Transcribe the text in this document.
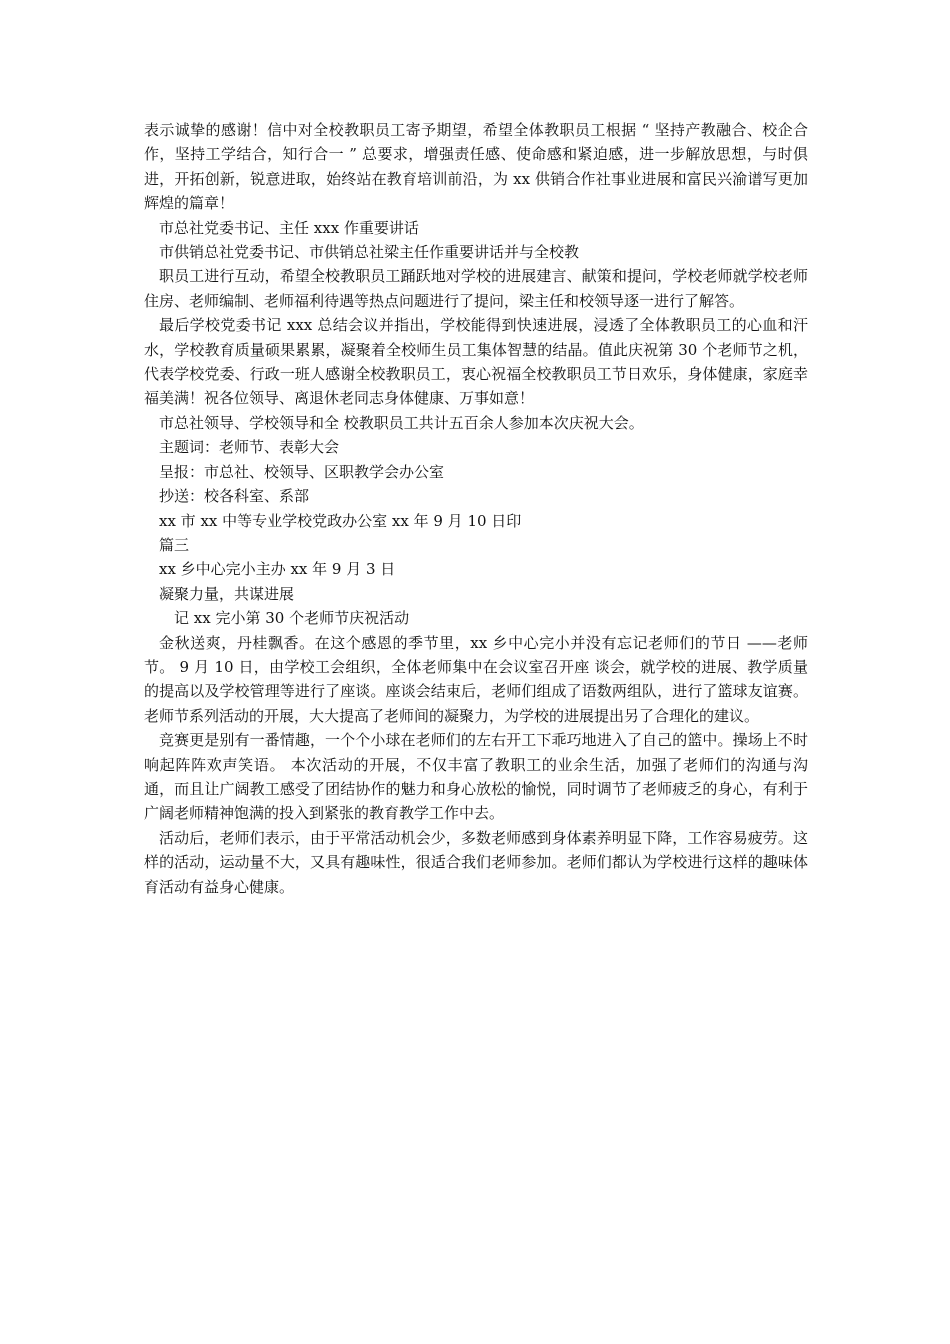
表示诚挚的感谢！信中对全校教职员工寄予期望，希望全体教职员工根据 “ 坚持产教融合、校企合作，坚持工学结合，知行合一 ” 总要求，增强责任感、使命感和紧迫感，进一步解放思想，与时俱进，开拓创新，锐意进取，始终站在教育培训前沿，为 xx 供销合作社事业进展和富民兴渝谱写更加辉煌的篇章！

市总社党委书记、主任 xxx 作重要讲话

市供销总社党委书记、市供销总社梁主任作重要讲话并与全校教

职员工进行互动，希望全校教职员工踊跃地对学校的进展建言、献策和提问，学校老师就学校老师住房、老师编制、老师福利待遇等热点问题进行了提问，梁主任和校领导逐一进行了解答。

最后学校党委书记 xxx 总结会议并指出，学校能得到快速进展，浸透了全体教职员工的心血和汗水，学校教育质量硕果累累，凝聚着全校师生员工集体智慧的结晶。值此庆祝第 30 个老师节之机，代表学校党委、行政一班人感谢全校教职员工，衷心祝福全校教职员工节日欢乐，身体健康，家庭幸福美满！祝各位领导、离退休老同志身体健康、万事如意！

市总社领导、学校领导和全 校教职员工共计五百余人参加本次庆祝大会。

主题词：老师节、表彰大会

呈报：市总社、校领导、区职教学会办公室

抄送：校各科室、系部

xx 市 xx 中等专业学校党政办公室 xx 年 9 月 10 日印

篇三

xx 乡中心完小主办 xx 年 9 月 3 日

凝聚力量，共谋进展

记 xx 完小第 30 个老师节庆祝活动

金秋送爽，丹桂飘香。在这个感恩的季节里，xx 乡中心完小并没有忘记老师们的节日 ——老师节。 9 月 10 日，由学校工会组织，全体老师集中在会议室召开座 谈会，就学校的进展、教学质量的提高以及学校管理等进行了座谈。座谈会结束后，老师们组成了语数两组队，进行了篮球友谊赛。老师节系列活动的开展，大大提高了老师间的凝聚力，为学校的进展提出另了合理化的建议。

竞赛更是别有一番情趣，一个个小球在老师们的左右开工下乖巧地进入了自己的篮中。操场上不时响起阵阵欢声笑语。 本次活动的开展，不仅丰富了教职工的业余生活，加强了老师们的沟通与沟通，而且让广阔教工感受了团结协作的魅力和身心放松的愉悦，同时调节了老师疲乏的身心，有利于广阔老师精神饱满的投入到紧张的教育教学工作中去。

活动后，老师们表示，由于平常活动机会少，多数老师感到身体素养明显下降，工作容易疲劳。这样的活动，运动量不大，又具有趣味性，很适合我们老师参加。老师们都认为学校进行这样的趣味体育活动有益身心健康。
